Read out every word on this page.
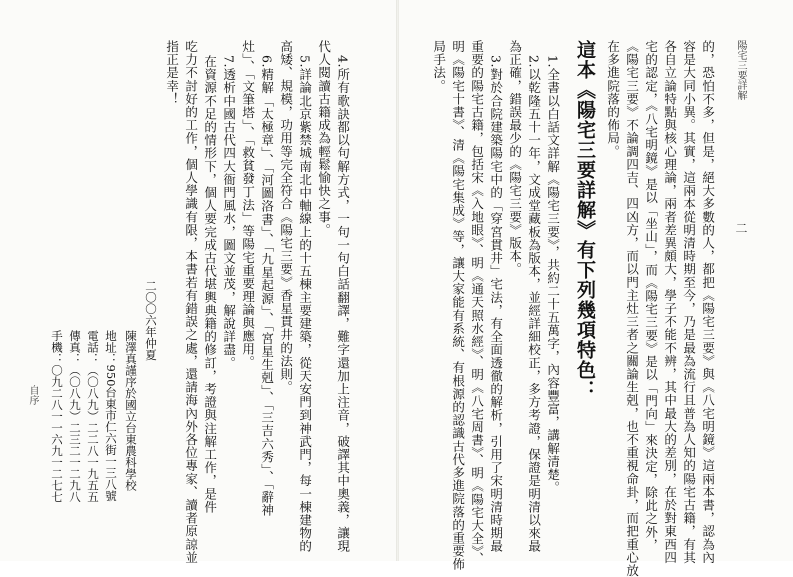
陽宅三要詳解
二
的，恐怕不多，但是，絕大多數的人，都把《陽宅三要》與《八宅明鏡》這兩本書，認為內
容是大同小異。其實，這兩本從明清時期至今，乃是最為流行且普為人知的陽宅古籍，有其
各自立論特點與核心理論，兩者差異頗大，學子不能不辨，其中最大的差別，在於對東西四
宅的認定，《八宅明鏡》是以「坐山」，而《陽宅三要》是以「門向」來決定，除此之外，
《陽宅三要》不論調四吉、四凶方，而以門主灶三者之關論生剋，也不重視命卦，而把重心放
在多進院落的佈局。
這本《陽宅三要詳解》有下列幾項特色：
1.全書以白話文詳解《陽宅三要》，共約二十五萬字，內容豐富，講解清楚。
2.以乾隆五十一年，文成堂藏板為版本，並經詳細校正，多方考證，保證是明清以來最
為正確，錯誤最少的《陽宅三要》版本。
3.對於合院建築陽宅中的「穿宮貫井」宅法，有全面透徹的解析，引用了宋明清時期最
重要的陽宅古籍，包括宋《入地眼》、明《通天照水經》、明《八宅周書》、明《陽宅大全》、
明《陽宅十書》、清《陽宅集成》等，讓大家能有系統、有根源的認識古代多進院落的重要佈
局手法。
4.所有歌訣都以句解方式，一句一句白話翻譯，難字還加上注音，破譯其中奧義，讓現
代人閱讀古籍成為輕鬆愉快之事。
5.詳論北京紫禁城南北中軸線上的十五棟主要建築，從天安門到神武門，每一棟建物的
高矮、規模，功用等完全符合《陽宅三要》香星貫井的法則。
6.精解「太極章」、「河圖洛書」、「九星起源」、「宮星生剋」、「三吉六秀」、「辭神
灶」、「文筆塔」、「救貧發丁法」等陽宅重要理論與應用。
7.透析中國古代四大衙門風水，圖文並茂，解說詳盡。
在資源不足的情形下，個人要完成古代堪輿典籍的修訂，考證與注解工作，是件
吃力不討好的工作，個人學識有限，本書若有錯誤之處，還請海內外各位專家、讀者原諒並
指正是幸！
二〇〇六年仲夏
陳澤真謹序於國立台東農科學校
地址：950台東市仁六街一三八號
電話：（〇八九）二二八一九五五
傳真：（〇八九）二三二一二九八
手機：〇九二八一一六九一二七七
自序
